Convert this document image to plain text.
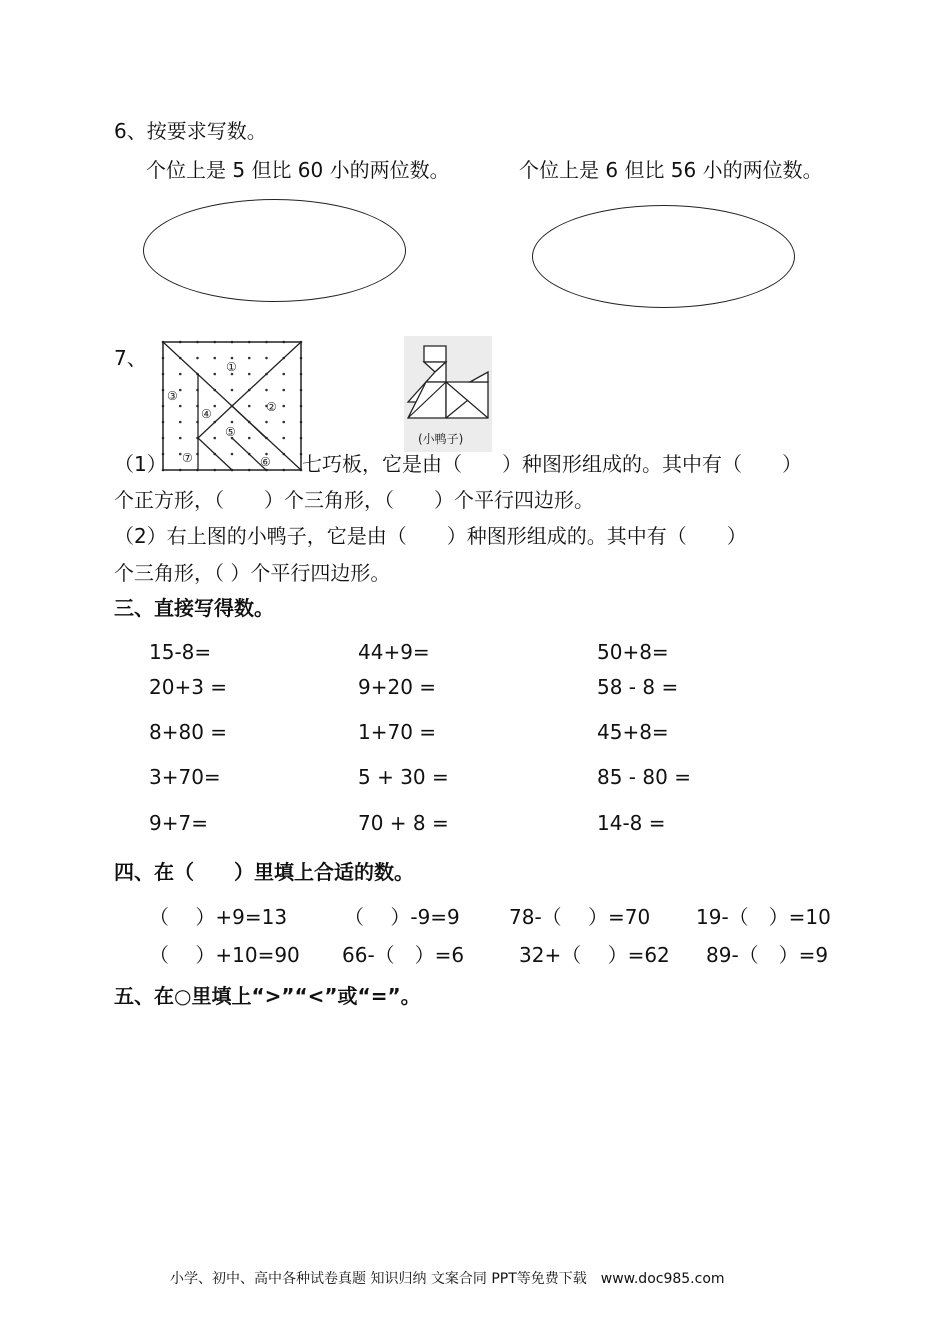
6、按要求写数。
个位上是 5 但比 60 小的两位数。	个位上是 6 但比 56 小的两位数。
7、	①
②
③
④
⑤
⑦	⑥
(小鸭子)
（1）	七巧板，它是由（　　）种图形组成的。其中有（　　）
个正方形，（　　）个三角形，（　　）个平行四边形。
（2）右上图的小鸭子，它是由（　　）种图形组成的。其中有（　　）
个三角形，（ ）个平行四边形。
三、直接写得数。
15-8=	44+9=	50+8=
20+3 =	9+20 =	58 - 8 =
8+80 =	1+70 =	45+8=
3+70=	5 + 30 =	85 - 80 =
9+7=	70 + 8 =	14-8 =
四、在（　　）里填上合适的数。
（　 ）+9=13	（　 ）-9=9 78-（　 ）=70 19-（　）=10
（　 ）+10=90 66-（　）=6	32+（　 ）=62 89-（　）=9
五、在○里填上“>”“<”或“=”。
小学、初中、高中各种试卷真题 知识归纳 文案合同 PPT等免费下载　www.doc985.com
